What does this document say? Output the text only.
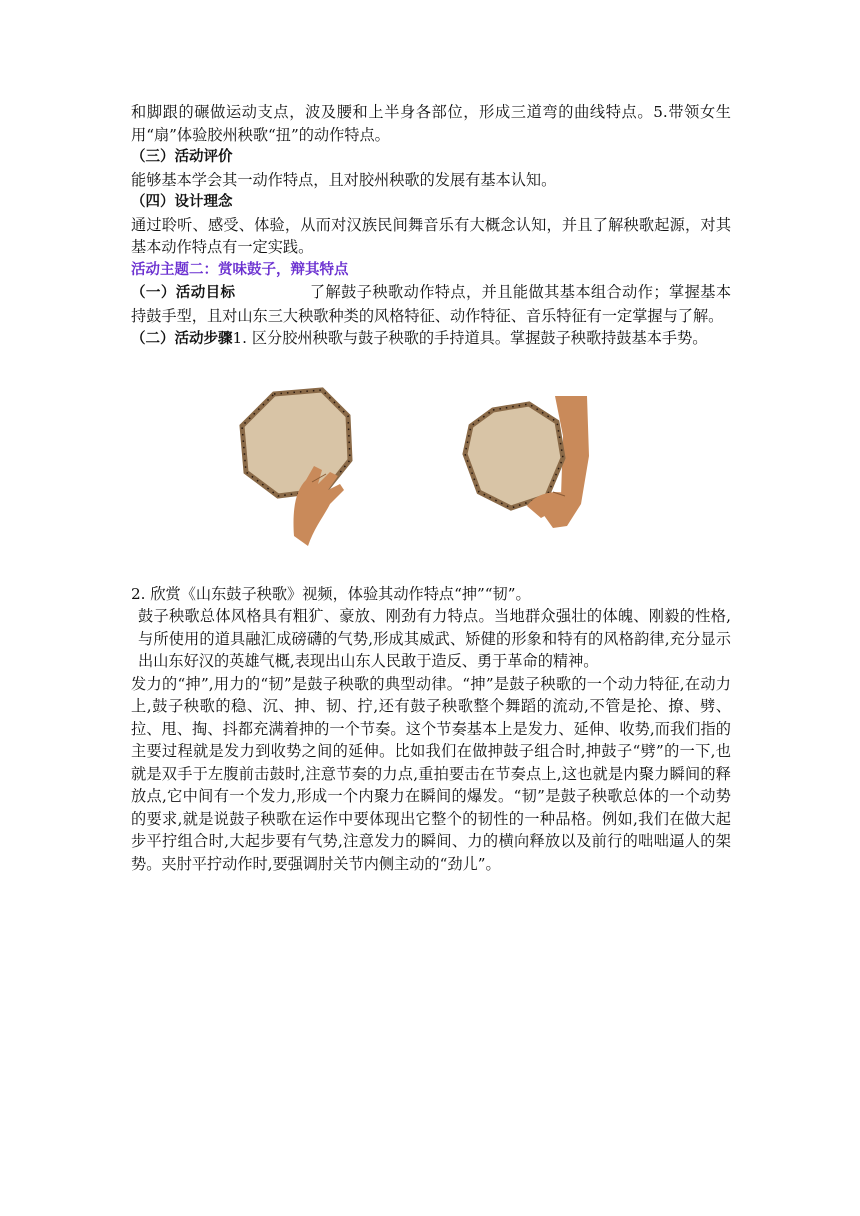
和脚跟的碾做运动支点，波及腰和上半身各部位，形成三道弯的曲线特点。5.带领女生用“扇”体验胶州秧歌“扭”的动作特点。

（三）活动评价

能够基本学会其一动作特点，且对胶州秧歌的发展有基本认知。

（四）设计理念

通过聆听、感受、体验，从而对汉族民间舞音乐有大概念认知，并且了解秧歌起源，对其基本动作特点有一定实践。

活动主题二：赏味鼓子，辩其特点

（一）活动目标	了解鼓子秧歌动作特点，并且能做其基本组合动作；掌握基本持鼓手型，且对山东三大秧歌种类的风格特征、动作特征、音乐特征有一定掌握与了解。

（二）活动步骤1. 区分胶州秧歌与鼓子秧歌的手持道具。掌握鼓子秧歌持鼓基本手势。

2. 欣赏《山东鼓子秧歌》视频，体验其动作特点“抻”“韧”。

鼓子秧歌总体风格具有粗犷、豪放、刚劲有力特点。当地群众强壮的体魄、刚毅的性格,与所使用的道具融汇成磅礴的气势,形成其威武、矫健的形象和特有的风格韵律,充分显示出山东好汉的英雄气概,表现出山东人民敢于造反、勇于革命的精神。

发力的“抻”,用力的“韧”是鼓子秧歌的典型动律。“抻”是鼓子秧歌的一个动力特征,在动力上,鼓子秧歌的稳、沉、抻、韧、拧,还有鼓子秧歌整个舞蹈的流动,不管是抡、撩、劈、拉、甩、掏、抖都充满着抻的一个节奏。这个节奏基本上是发力、延伸、收势,而我们指的主要过程就是发力到收势之间的延伸。比如我们在做抻鼓子组合时,抻鼓子“劈”的一下,也就是双手于左腹前击鼓时,注意节奏的力点,重拍要击在节奏点上,这也就是内聚力瞬间的释放点,它中间有一个发力,形成一个内聚力在瞬间的爆发。“韧”是鼓子秧歌总体的一个动势的要求,就是说鼓子秧歌在运作中要体现出它整个的韧性的一种品格。例如,我们在做大起步平拧组合时,大起步要有气势,注意发力的瞬间、力的横向释放以及前行的咄咄逼人的架势。夹肘平拧动作时,要强调肘关节内侧主动的“劲儿”。
